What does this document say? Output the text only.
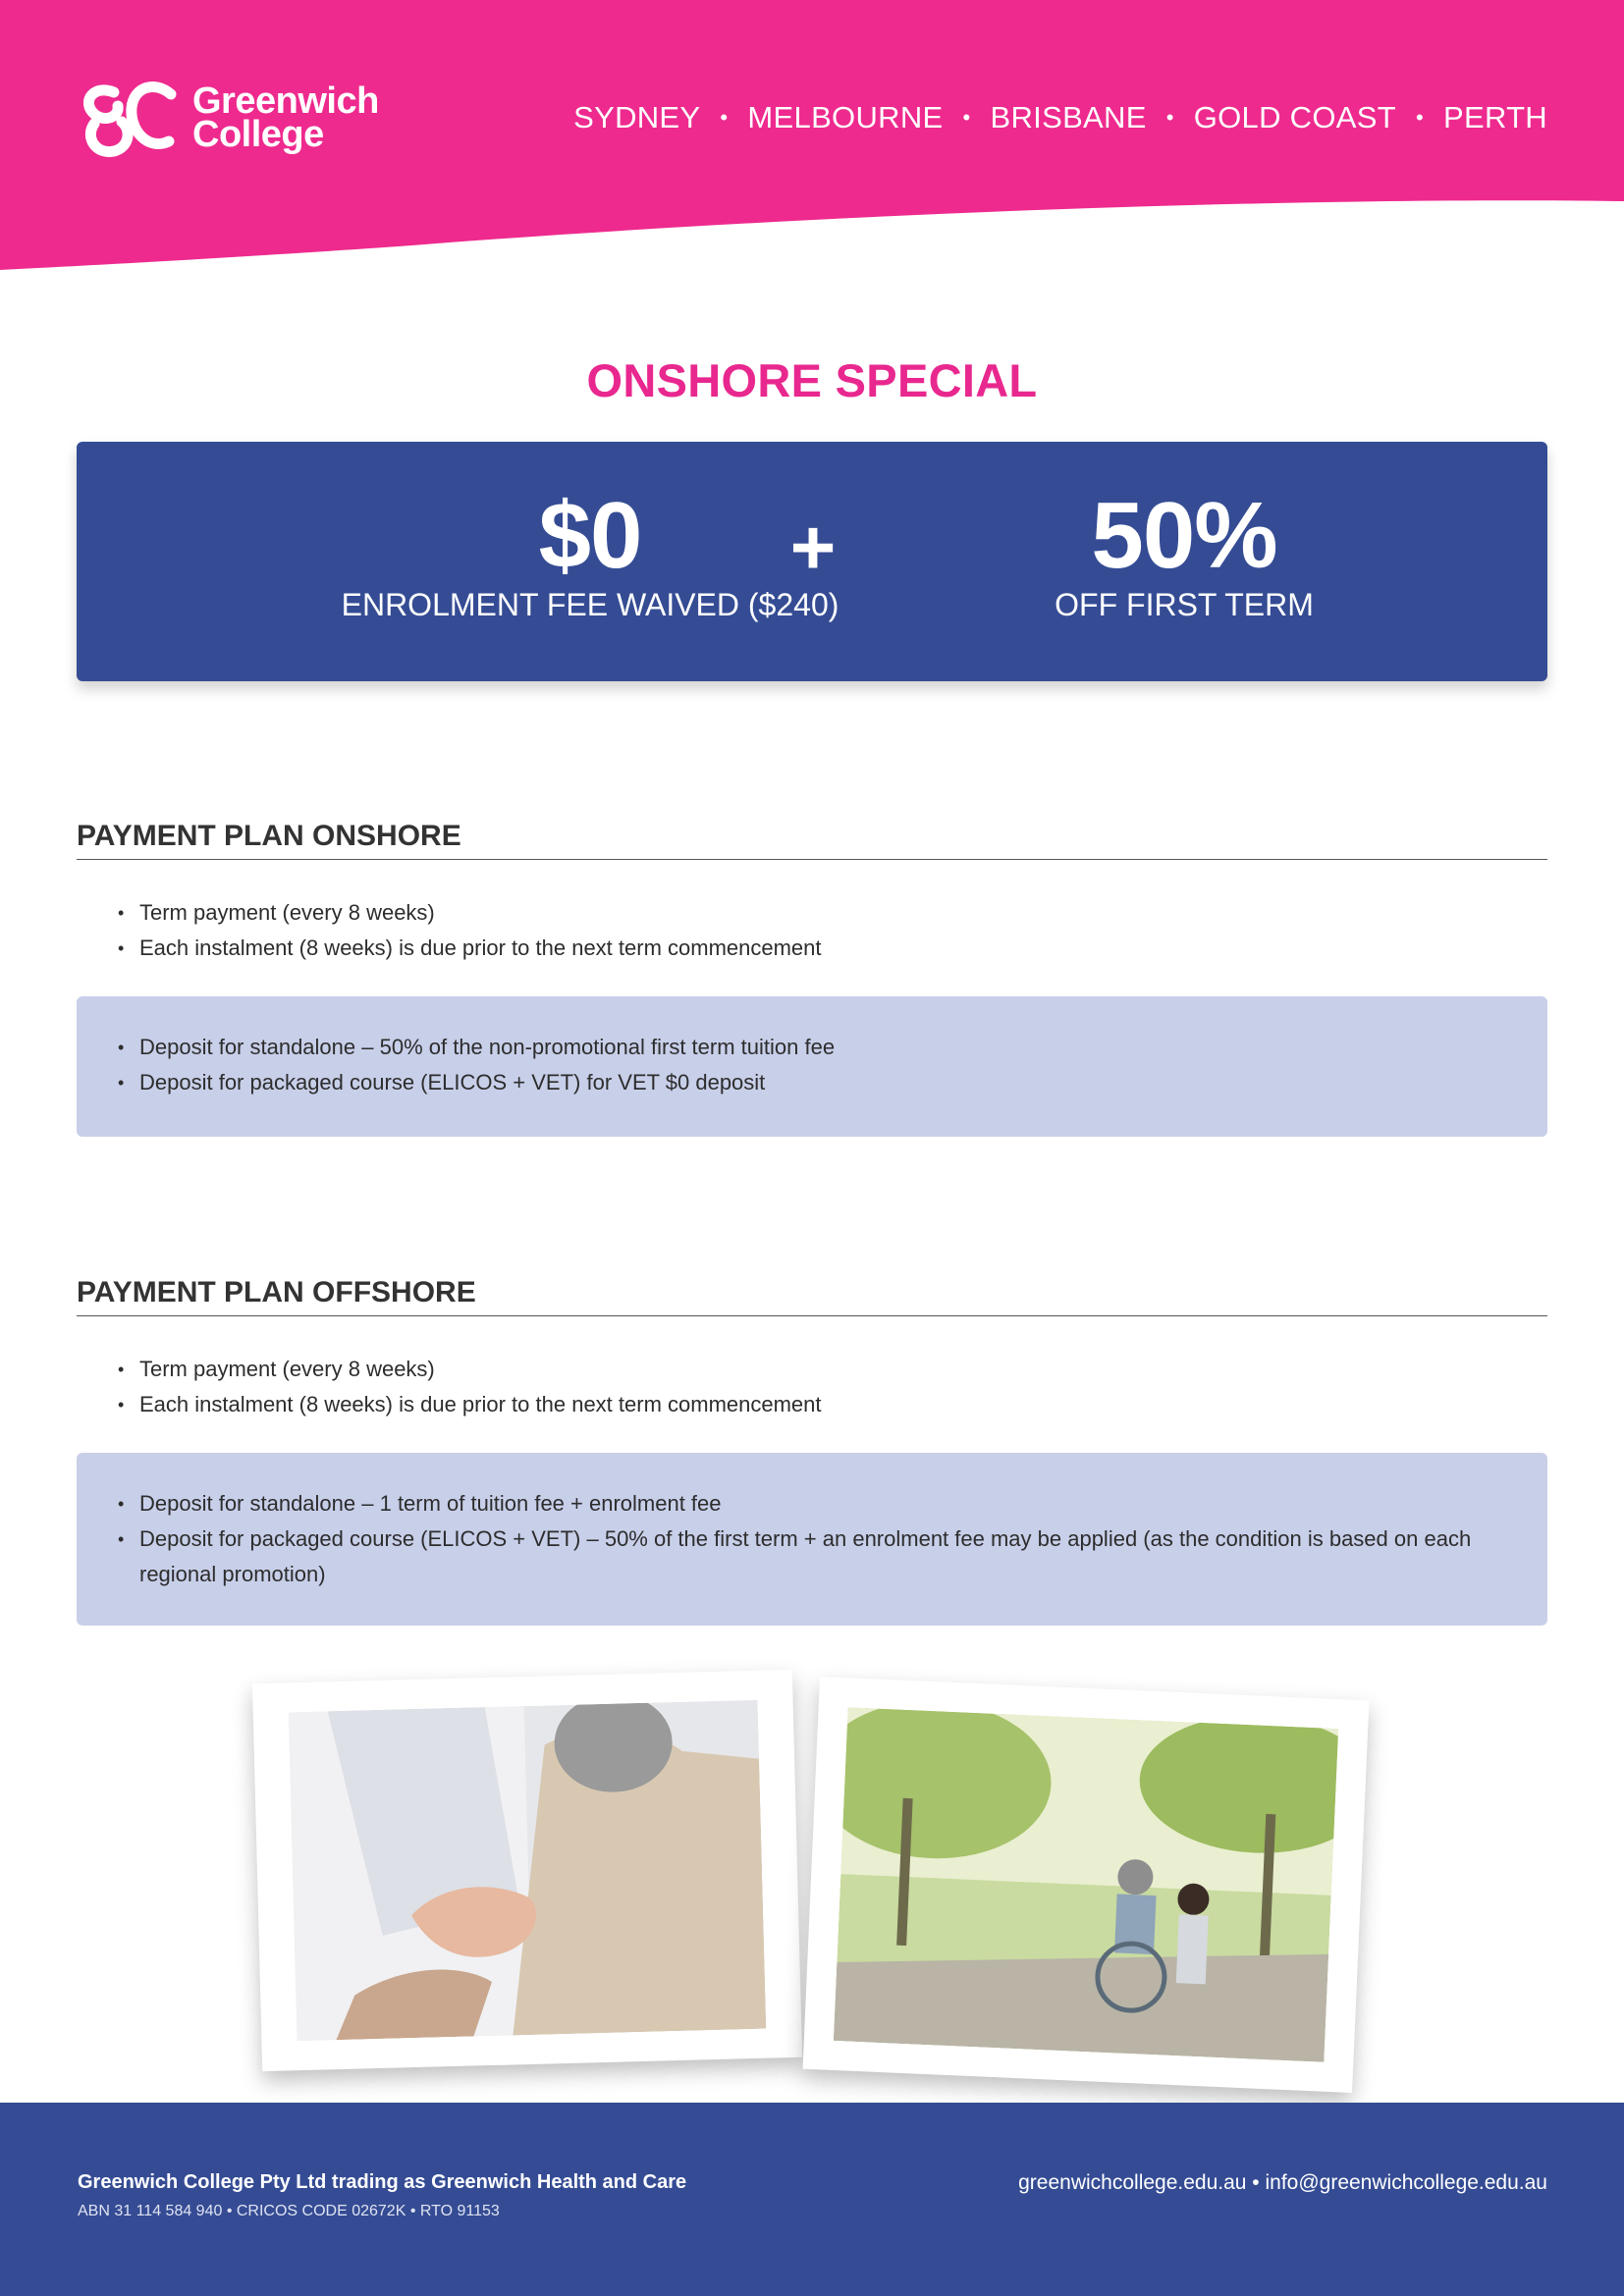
Greenwich
College	SYDNEY • MELBOURNE • BRISBANE • GOLD COAST • PERTH
ONSHORE SPECIAL
$0
ENROLMENT FEE WAIVED ($240)
+	50%
OFF FIRST TERM
PAYMENT PLAN ONSHORE
• Term payment (every 8 weeks)
• Each instalment (8 weeks) is due prior to the next term commencement
• Deposit for standalone – 50% of the non-promotional first term tuition fee
• Deposit for packaged course (ELICOS + VET) for VET $0 deposit
PAYMENT PLAN OFFSHORE
• Term payment (every 8 weeks)
• Each instalment (8 weeks) is due prior to the next term commencement
• Deposit for standalone – 1 term of tuition fee + enrolment fee
• Deposit for packaged course (ELICOS + VET) – 50% of the first term + an enrolment fee may be applied (as the condition is based on each regional promotion)
Greenwich College Pty Ltd trading as Greenwich Health and Care
ABN 31 114 584 940 • CRICOS CODE 02672K • RTO 91153
greenwichcollege.edu.au • info@greenwichcollege.edu.au
